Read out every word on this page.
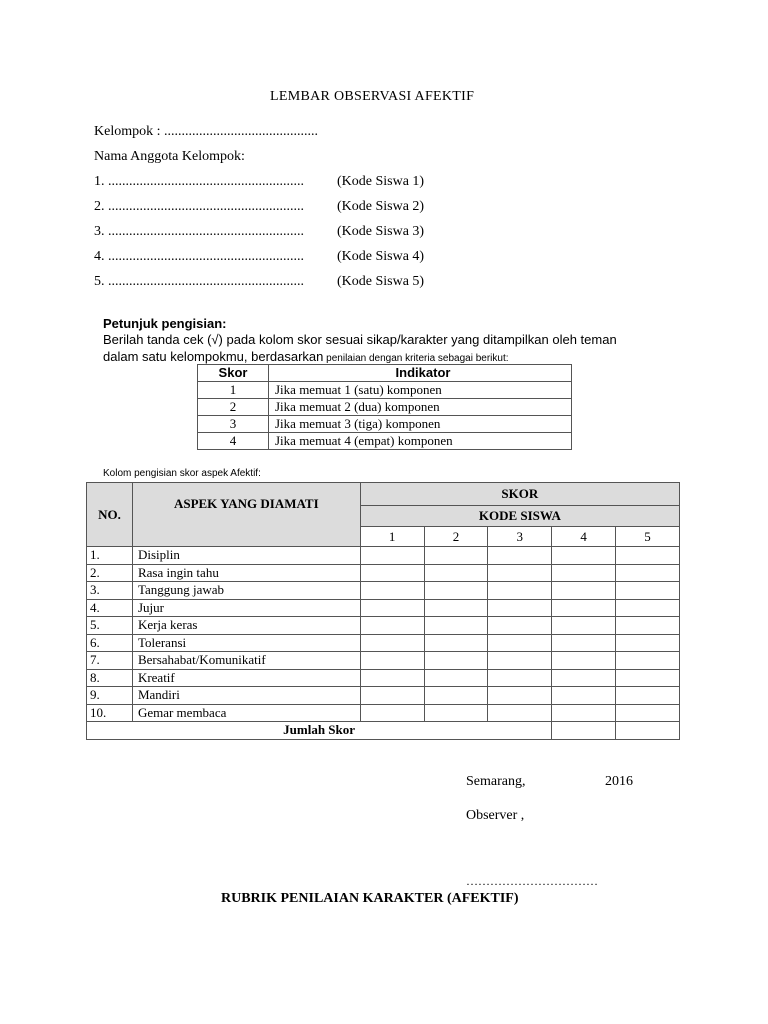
LEMBAR OBSERVASI AFEKTIF
Kelompok : ............................................
Nama Anggota Kelompok:
1. ........................................................ (Kode Siswa 1)
2. ........................................................ (Kode Siswa 2)
3. ........................................................ (Kode Siswa 3)
4. ........................................................ (Kode Siswa 4)
5. ........................................................ (Kode Siswa 5)
Petunjuk pengisian:
Berilah tanda cek (√) pada kolom skor sesuai sikap/karakter yang ditampilkan oleh teman
dalam satu kelompokmu, berdasarkan penilaian dengan kriteria sebagai berikut:
Skor	Indikator
1	Jika memuat 1 (satu) komponen
2	Jika memuat 2 (dua) komponen
3	Jika memuat 3 (tiga) komponen
4	Jika memuat 4 (empat) komponen
Kolom pengisian skor aspek Afektif:
NO.	ASPEK YANG DIAMATI	SKOR				
		KODE SISWA				
		1	2	3	4	5
1.	Disiplin					
2.	Rasa ingin tahu					
3.	Tanggung jawab					
4.	Jujur					
5.	Kerja keras					
6.	Toleransi					
7.	Bersahabat/Komunikatif					
8.	Kreatif					
9.	Mandiri					
10.	Gemar membaca					
Jumlah Skor						
Semarang,	2016
Observer ,
……………………………
RUBRIK PENILAIAN KARAKTER (AFEKTIF)
